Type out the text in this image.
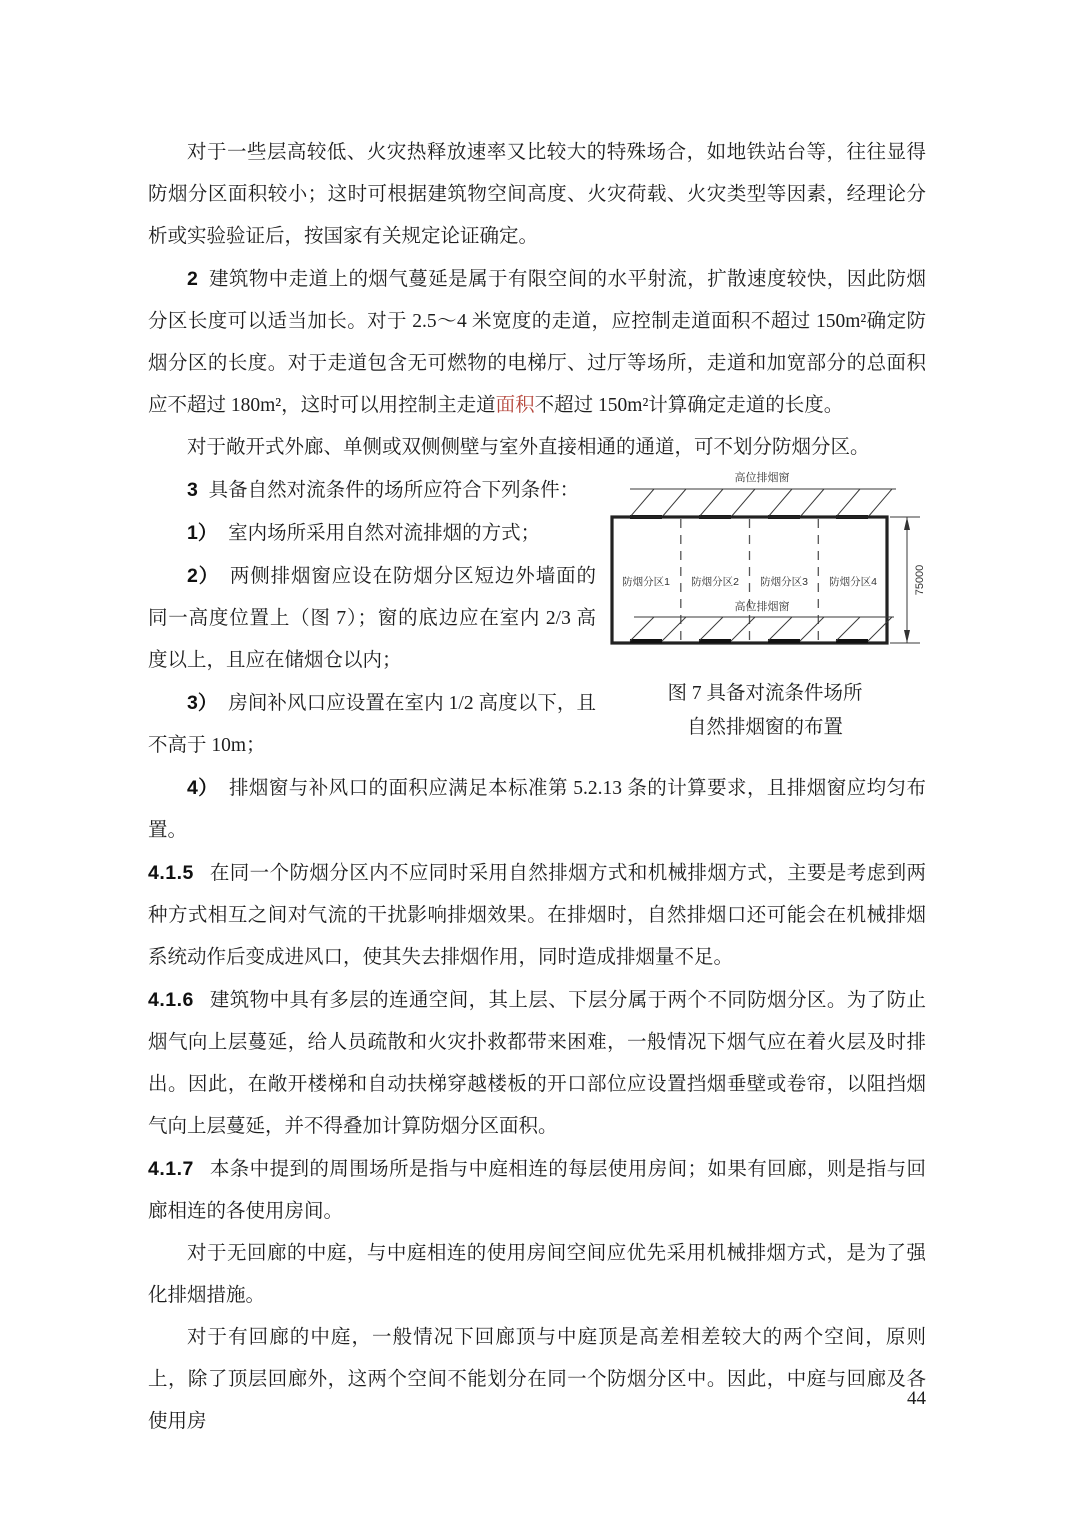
对于一些层高较低、火灾热释放速率又比较大的特殊场合，如地铁站台等，往往显得防烟分区面积较小；这时可根据建筑物空间高度、火灾荷载、火灾类型等因素，经理论分析或实验验证后，按国家有关规定论证确定。

2 建筑物中走道上的烟气蔓延是属于有限空间的水平射流，扩散速度较快，因此防烟分区长度可以适当加长。对于 2.5～4 米宽度的走道，应控制走道面积不超过 150m²确定防烟分区的长度。对于走道包含无可燃物的电梯厅、过厅等场所，走道和加宽部分的总面积应不超过 180m²，这时可以用控制主走道面积不超过 150m²计算确定走道的长度。

对于敞开式外廊、单侧或双侧侧壁与室外直接相通的通道，可不划分防烟分区。

高位排烟窗
防烟分区1 防烟分区2 防烟分区3 防烟分区4
高位排烟窗
75000
图 7 具备对流条件场所
自然排烟窗的布置

3 具备自然对流条件的场所应符合下列条件：

1） 室内场所采用自然对流排烟的方式；

2） 两侧排烟窗应设在防烟分区短边外墙面的同一高度位置上（图 7）；窗的底边应在室内 2/3 高度以上，且应在储烟仓以内；

3） 房间补风口应设置在室内 1/2 高度以下，且不高于 10m；

4） 排烟窗与补风口的面积应满足本标准第 5.2.13 条的计算要求，且排烟窗应均匀布置。

4.1.5 在同一个防烟分区内不应同时采用自然排烟方式和机械排烟方式，主要是考虑到两种方式相互之间对气流的干扰影响排烟效果。在排烟时，自然排烟口还可能会在机械排烟系统动作后变成进风口，使其失去排烟作用，同时造成排烟量不足。

4.1.6 建筑物中具有多层的连通空间，其上层、下层分属于两个不同防烟分区。为了防止烟气向上层蔓延，给人员疏散和火灾扑救都带来困难，一般情况下烟气应在着火层及时排出。因此，在敞开楼梯和自动扶梯穿越楼板的开口部位应设置挡烟垂壁或卷帘，以阻挡烟气向上层蔓延，并不得叠加计算防烟分区面积。

4.1.7 本条中提到的周围场所是指与中庭相连的每层使用房间；如果有回廊，则是指与回廊相连的各使用房间。

对于无回廊的中庭，与中庭相连的使用房间空间应优先采用机械排烟方式，是为了强化排烟措施。

对于有回廊的中庭，一般情况下回廊顶与中庭顶是高差相差较大的两个空间，原则上，除了顶层回廊外，这两个空间不能划分在同一个防烟分区中。因此，中庭与回廊及各使用房

44
